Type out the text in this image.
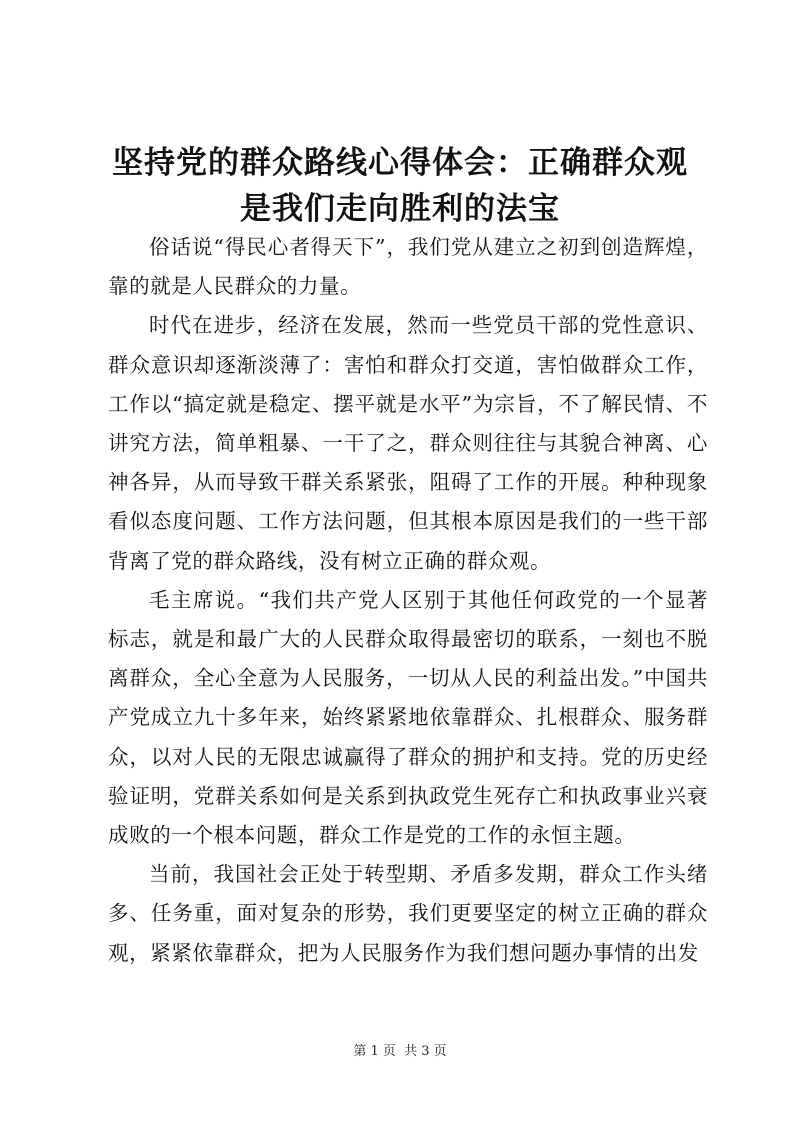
坚持党的群众路线心得体会：正确群众观是我们走向胜利的法宝

俗话说“得民心者得天下”，我们党从建立之初到创造辉煌，靠的就是人民群众的力量。

时代在进步，经济在发展，然而一些党员干部的党性意识、群众意识却逐渐淡薄了：害怕和群众打交道，害怕做群众工作，工作以“搞定就是稳定、摆平就是水平”为宗旨，不了解民情、不讲究方法，简单粗暴、一干了之，群众则往往与其貌合神离、心神各异，从而导致干群关系紧张，阻碍了工作的开展。种种现象看似态度问题、工作方法问题，但其根本原因是我们的一些干部背离了党的群众路线，没有树立正确的群众观。

毛主席说。“我们共产党人区别于其他任何政党的一个显著标志，就是和最广大的人民群众取得最密切的联系，一刻也不脱离群众，全心全意为人民服务，一切从人民的利益出发。”中国共产党成立九十多年来，始终紧紧地依靠群众、扎根群众、服务群众，以对人民的无限忠诚赢得了群众的拥护和支持。党的历史经验证明，党群关系如何是关系到执政党生死存亡和执政事业兴衰成败的一个根本问题，群众工作是党的工作的永恒主题。

当前，我国社会正处于转型期、矛盾多发期，群众工作头绪多、任务重，面对复杂的形势，我们更要坚定的树立正确的群众观，紧紧依靠群众，把为人民服务作为我们想问题办事情的出发

第 1 页  共 3 页
